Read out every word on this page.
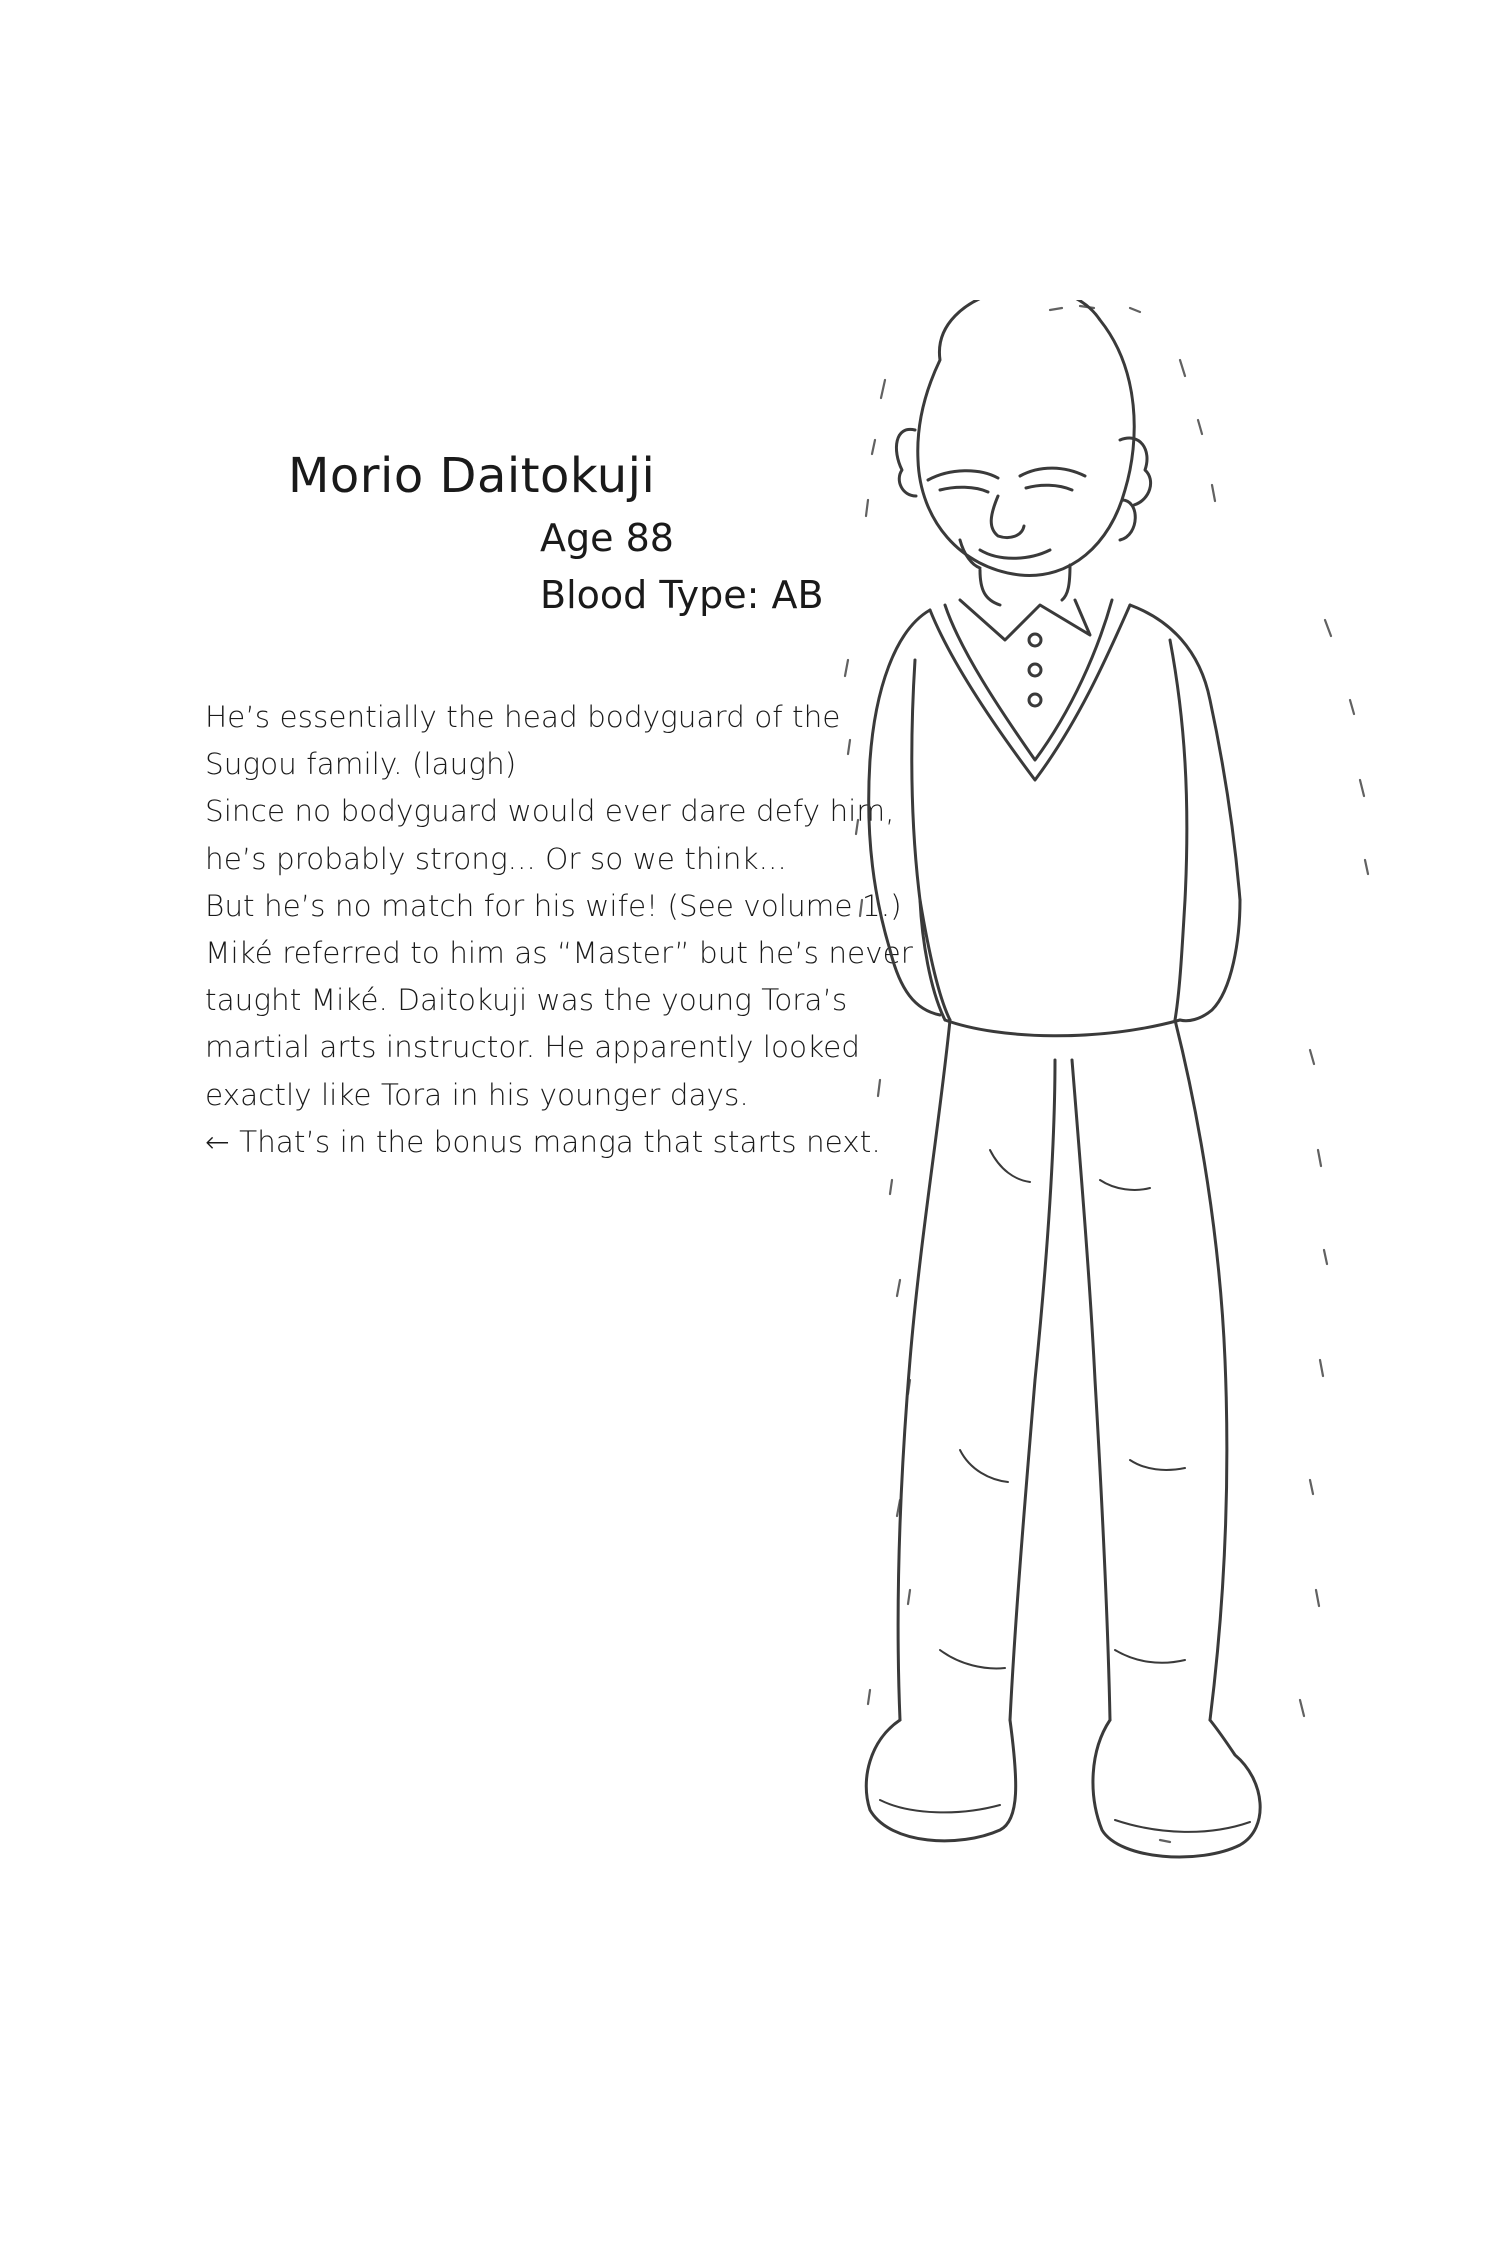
Morio Daitokuji
Age 88
Blood Type: AB
He’s essentially the head bodyguard of the
Sugou family. (laugh)
Since no bodyguard would ever dare defy him,
he’s probably strong... Or so we think...
But he’s no match for his wife! (See volume 1.)
Miké referred to him as “Master” but he’s never
taught Miké. Daitokuji was the young Tora’s
martial arts instructor. He apparently looked
exactly like Tora in his younger days.
← That’s in the bonus manga that starts next.
